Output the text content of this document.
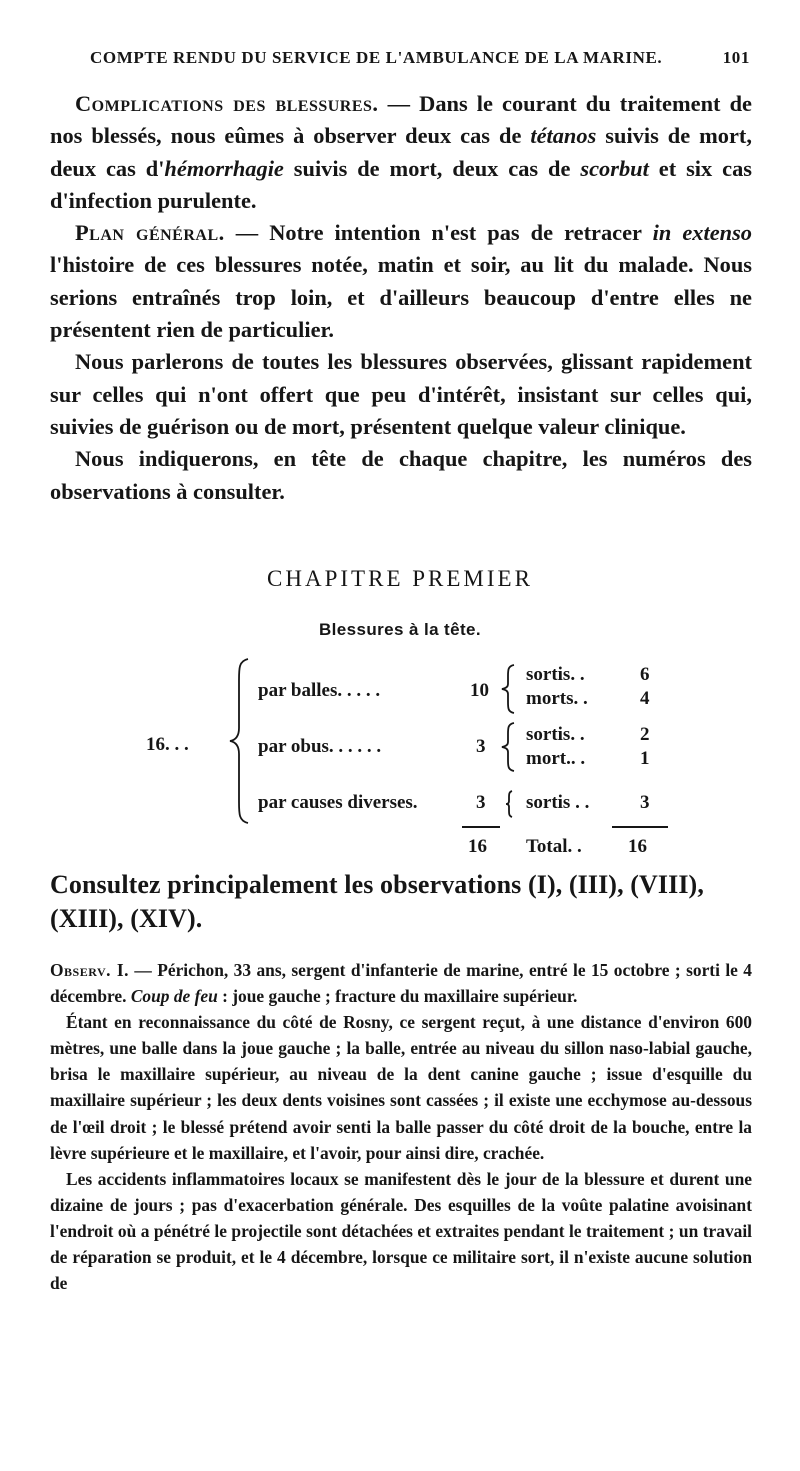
COMPTE RENDU DU SERVICE DE L'AMBULANCE DE LA MARINE.	101

Complications des blessures. — Dans le courant du traitement de nos blessés, nous eûmes à observer deux cas de tétanos suivis de mort, deux cas d'hémorrhagie suivis de mort, deux cas de scorbut et six cas d'infection purulente.

Plan général. — Notre intention n'est pas de retracer in extenso l'histoire de ces blessures notée, matin et soir, au lit du malade. Nous serions entraînés trop loin, et d'ailleurs beaucoup d'entre elles ne présentent rien de particulier.

Nous parlerons de toutes les blessures observées, glissant rapidement sur celles qui n'ont offert que peu d'intérêt, insistant sur celles qui, suivies de guérison ou de mort, présentent quelque valeur clinique.

Nous indiquerons, en tête de chaque chapitre, les numéros des observations à consulter.

CHAPITRE PREMIER
Blessures à la tête.
16. . .
par balles. . . . .	10
sortis. .	6
morts. .	4
par obus. . . . . .	3
sortis. .	2
mort.. .	1
par causes diverses.	3 sortis . .	3
16 Total. . 16
Consultez principalement les observations (I), (III), (VIII), (XIII), (XIV).

Observ. I. — Périchon, 33 ans, sergent d'infanterie de marine, entré le 15 octobre ; sorti le 4 décembre. Coup de feu : joue gauche ; fracture du maxillaire supérieur.

Étant en reconnaissance du côté de Rosny, ce sergent reçut, à une distance d'environ 600 mètres, une balle dans la joue gauche ; la balle, entrée au niveau du sillon naso-labial gauche, brisa le maxillaire supérieur, au niveau de la dent canine gauche ; issue d'esquille du maxillaire supérieur ; les deux dents voisines sont cassées ; il existe une ecchymose au-dessous de l'œil droit ; le blessé prétend avoir senti la balle passer du côté droit de la bouche, entre la lèvre supérieure et le maxillaire, et l'avoir, pour ainsi dire, crachée.

Les accidents inflammatoires locaux se manifestent dès le jour de la blessure et durent une dizaine de jours ; pas d'exacerbation générale. Des esquilles de la voûte palatine avoisinant l'endroit où a pénétré le projectile sont détachées et extraites pendant le traitement ; un travail de réparation se produit, et le 4 décembre, lorsque ce militaire sort, il n'existe aucune solution de
